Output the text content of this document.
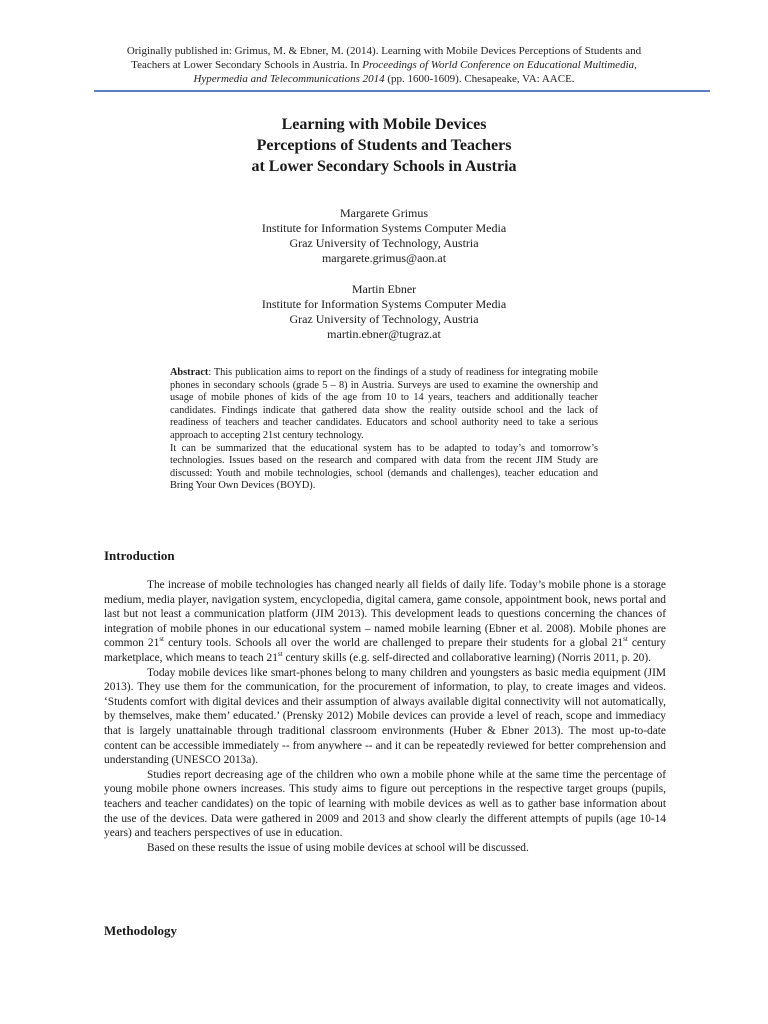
Originally published in: Grimus, M. & Ebner, M. (2014). Learning with Mobile Devices Perceptions of Students and
Teachers at Lower Secondary Schools in Austria. In Proceedings of World Conference on Educational Multimedia,
Hypermedia and Telecommunications 2014 (pp. 1600-1609). Chesapeake, VA: AACE.
Learning with Mobile Devices
Perceptions of Students and Teachers
at Lower Secondary Schools in Austria
Margarete Grimus
Institute for Information Systems Computer Media
Graz University of Technology, Austria
margarete.grimus@aon.at
Martin Ebner
Institute for Information Systems Computer Media
Graz University of Technology, Austria
martin.ebner@tugraz.at

Abstract: This publication aims to report on the findings of a study of readiness for integrating mobile phones in secondary schools (grade 5 – 8) in Austria. Surveys are used to examine the ownership and usage of mobile phones of kids of the age from 10 to 14 years, teachers and additionally teacher candidates. Findings indicate that gathered data show the reality outside school and the lack of readiness of teachers and teacher candidates. Educators and school authority need to take a serious approach to accepting 21st century technology.

It can be summarized that the educational system has to be adapted to today’s and tomorrow’s technologies. Issues based on the research and compared with data from the recent JIM Study are discussed: Youth and mobile technologies, school (demands and challenges), teacher education and Bring Your Own Devices (BOYD).

Introduction

The increase of mobile technologies has changed nearly all fields of daily life. Today’s mobile phone is a storage medium, media player, navigation system, encyclopedia, digital camera, game console, appointment book, news portal and last but not least a communication platform (JIM 2013). This development leads to questions concerning the chances of integration of mobile phones in our educational system – named mobile learning (Ebner et al. 2008). Mobile phones are common 21st century tools. Schools all over the world are challenged to prepare their students for a global 21st century marketplace, which means to teach 21st century skills (e.g. self-directed and collaborative learning) (Norris 2011, p. 20).

Today mobile devices like smart-phones belong to many children and youngsters as basic media equipment (JIM 2013). They use them for the communication, for the procurement of information, to play, to create images and videos. ‘Students comfort with digital devices and their assumption of always available digital connectivity will not automatically, by themselves, make them’ educated.’ (Prensky 2012) Mobile devices can provide a level of reach, scope and immediacy that is largely unattainable through traditional classroom environments (Huber & Ebner 2013). The most up-to-date content can be accessible immediately -- from anywhere -- and it can be repeatedly reviewed for better comprehension and understanding (UNESCO 2013a).

Studies report decreasing age of the children who own a mobile phone while at the same time the percentage of young mobile phone owners increases. This study aims to figure out perceptions in the respective target groups (pupils, teachers and teacher candidates) on the topic of learning with mobile devices as well as to gather base information about the use of the devices. Data were gathered in 2009 and 2013 and show clearly the different attempts of pupils (age 10-14 years) and teachers perspectives of use in education.

Based on these results the issue of using mobile devices at school will be discussed.

Methodology
